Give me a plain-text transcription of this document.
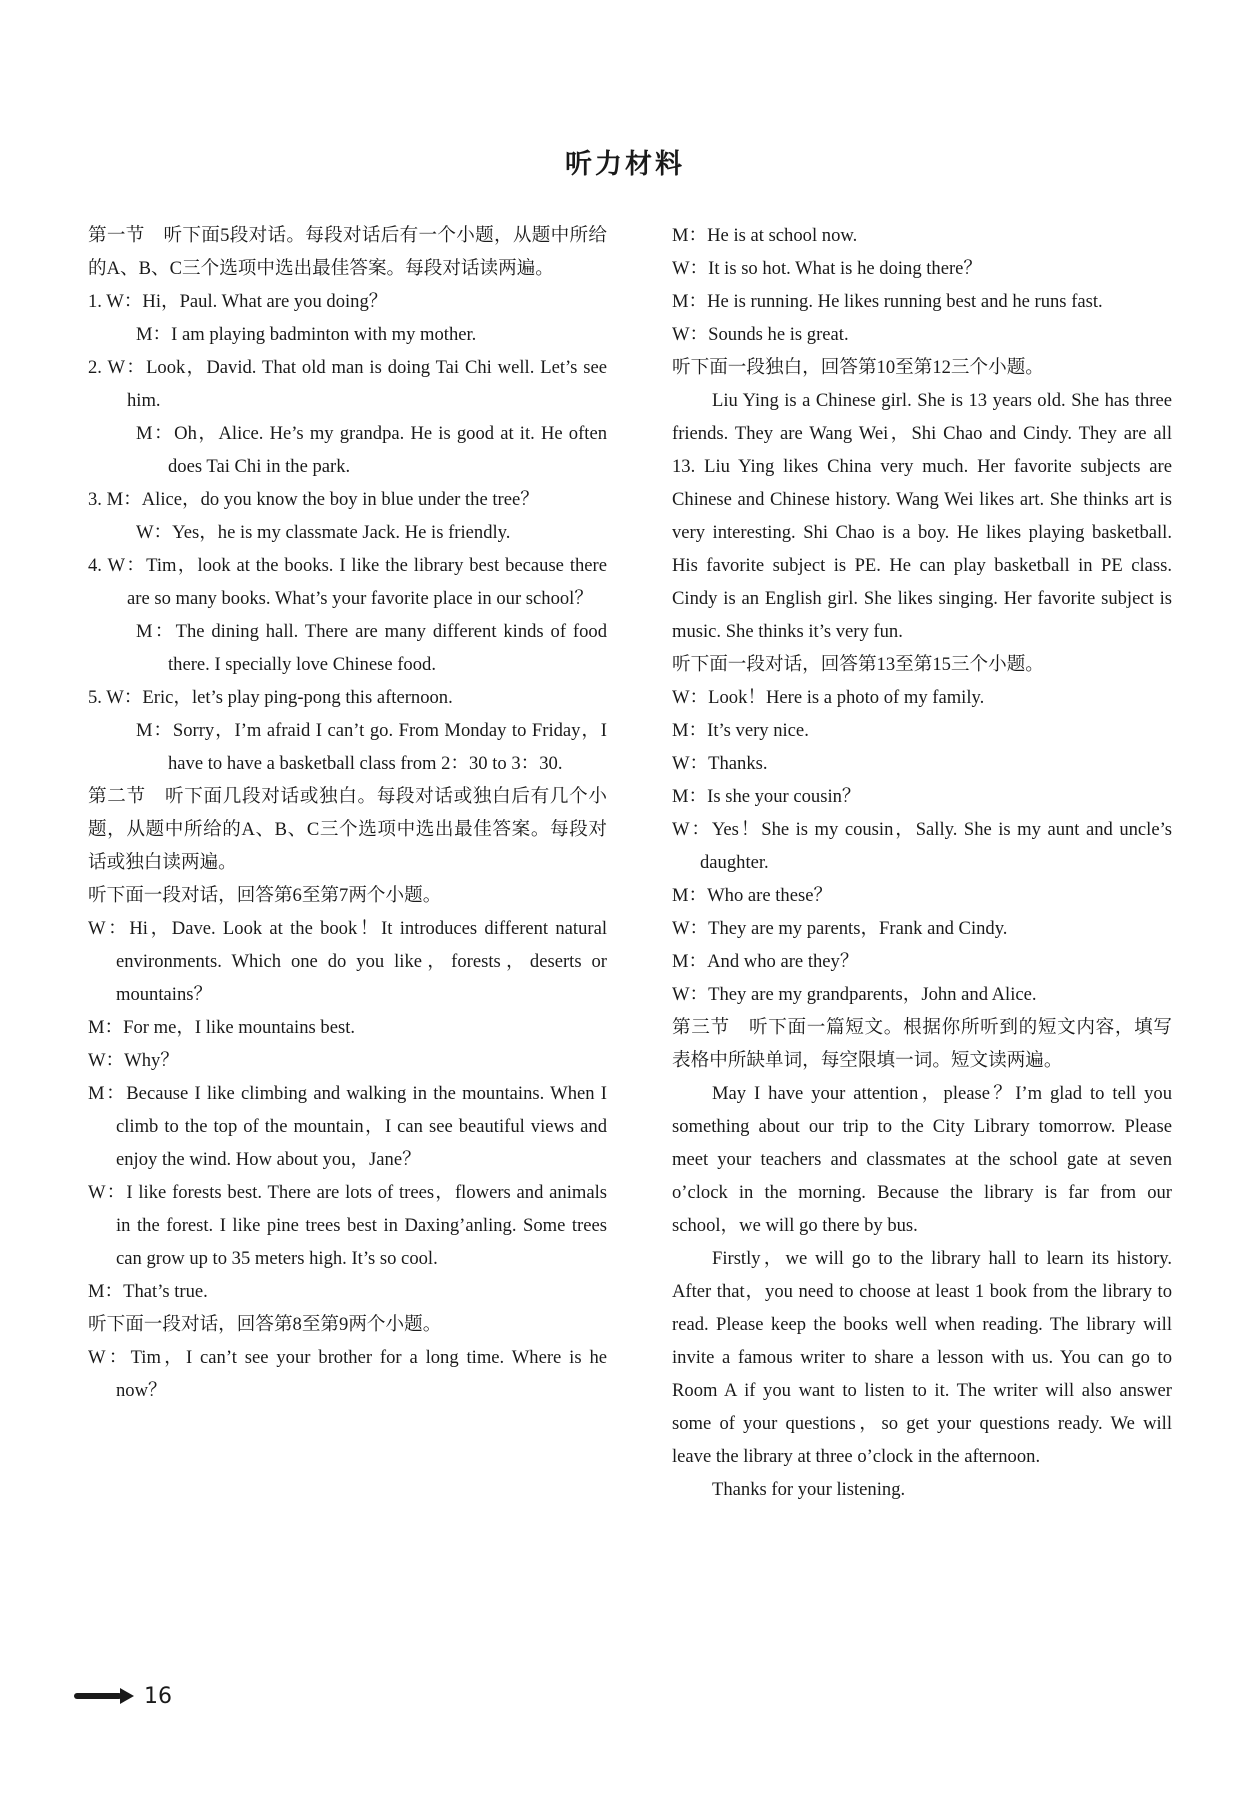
听力材料

第一节　听下面5段对话。每段对话后有一个小题，从题中所给的A、B、C三个选项中选出最佳答案。每段对话读两遍。

1. W：Hi，Paul. What are you doing？

M：I am playing badminton with my mother.

2. W：Look，David. That old man is doing Tai Chi well. Let’s see him.

M：Oh，Alice. He’s my grandpa. He is good at it. He often does Tai Chi in the park.

3. M：Alice，do you know the boy in blue under the tree？

W：Yes，he is my classmate Jack. He is friendly.

4. W：Tim，look at the books. I like the library best because there are so many books. What’s your favorite place in our school？

M：The dining hall. There are many different kinds of food there. I specially love Chinese food.

5. W：Eric，let’s play ping-pong this afternoon.

M：Sorry，I’m afraid I can’t go. From Monday to Friday，I have to have a basketball class from 2：30 to 3：30.

第二节　听下面几段对话或独白。每段对话或独白后有几个小题，从题中所给的A、B、C三个选项中选出最佳答案。每段对话或独白读两遍。

听下面一段对话，回答第6至第7两个小题。

W：Hi，Dave. Look at the book！It introduces different natural environments. Which one do you like，forests，deserts or mountains？

M：For me，I like mountains best.

W：Why？

M：Because I like climbing and walking in the mountains. When I climb to the top of the mountain，I can see beautiful views and enjoy the wind. How about you，Jane？

W：I like forests best. There are lots of trees，flowers and animals in the forest. I like pine trees best in Daxing’anling. Some trees can grow up to 35 meters high. It’s so cool.

M：That’s true.

听下面一段对话，回答第8至第9两个小题。

W：Tim，I can’t see your brother for a long time. Where is he now？

M：He is at school now.

W：It is so hot. What is he doing there？

M：He is running. He likes running best and he runs fast.

W：Sounds he is great.

听下面一段独白，回答第10至第12三个小题。

Liu Ying is a Chinese girl. She is 13 years old. She has three friends. They are Wang Wei，Shi Chao and Cindy. They are all 13. Liu Ying likes China very much. Her favorite subjects are Chinese and Chinese history. Wang Wei likes art. She thinks art is very interesting. Shi Chao is a boy. He likes playing basketball. His favorite subject is PE. He can play basketball in PE class. Cindy is an English girl. She likes singing. Her favorite subject is music. She thinks it’s very fun.

听下面一段对话，回答第13至第15三个小题。

W：Look！Here is a photo of my family.

M：It’s very nice.

W：Thanks.

M：Is she your cousin？

W：Yes！She is my cousin，Sally. She is my aunt and uncle’s daughter.

M：Who are these？

W：They are my parents，Frank and Cindy.

M：And who are they？

W：They are my grandparents，John and Alice.

第三节　听下面一篇短文。根据你所听到的短文内容，填写表格中所缺单词，每空限填一词。短文读两遍。

May I have your attention，please？I’m glad to tell you something about our trip to the City Library tomorrow. Please meet your teachers and classmates at the school gate at seven o’clock in the morning. Because the library is far from our school，we will go there by bus.

Firstly，we will go to the library hall to learn its history. After that，you need to choose at least 1 book from the library to read. Please keep the books well when reading. The library will invite a famous writer to share a lesson with us. You can go to Room A if you want to listen to it. The writer will also answer some of your questions，so get your questions ready. We will leave the library at three o’clock in the afternoon.

Thanks for your listening.

16
